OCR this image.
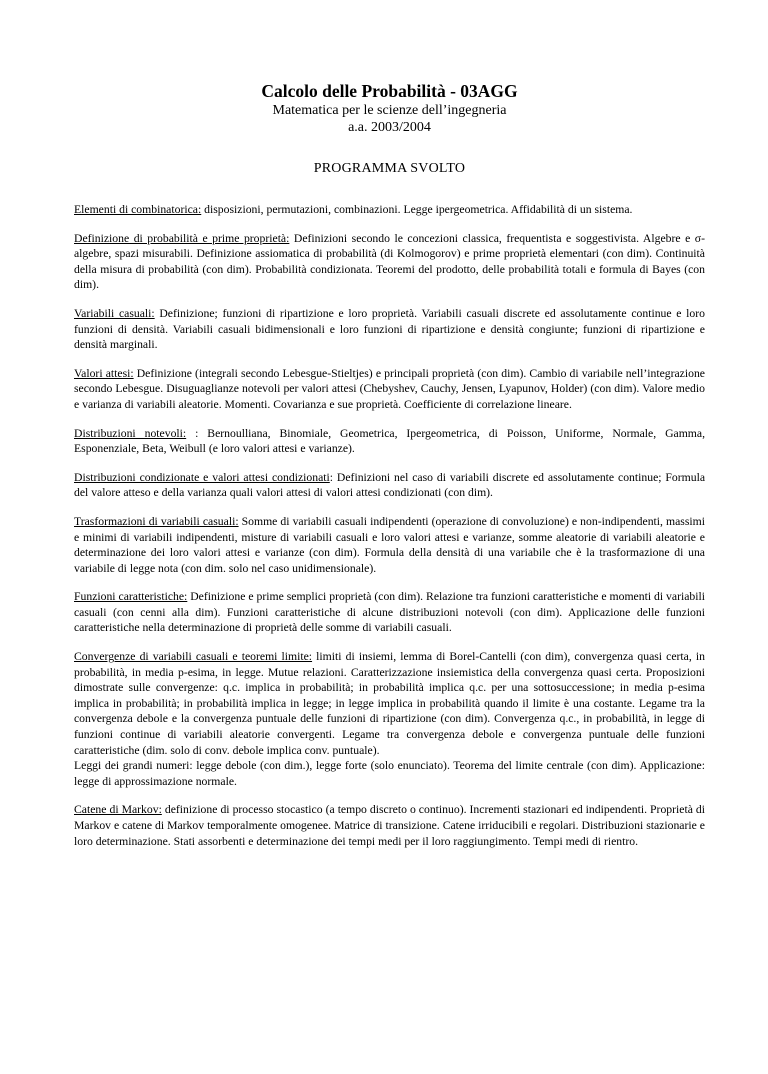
Calcolo delle Probabilità - 03AGG
Matematica per le scienze dell’ingegneria
a.a. 2003/2004
PROGRAMMA SVOLTO

Elementi di combinatorica: disposizioni, permutazioni, combinazioni. Legge ipergeometrica. Affidabilità di un sistema.

Definizione di probabilità e prime proprietà: Definizioni secondo le concezioni classica, frequentista e soggestivista. Algebre e σ-algebre, spazi misurabili. Definizione assiomatica di probabilità (di Kolmogorov) e prime proprietà elementari (con dim). Continuità della misura di probabilità (con dim). Probabilità condizionata. Teoremi del prodotto, delle probabilità totali e formula di Bayes (con dim).

Variabili casuali: Definizione; funzioni di ripartizione e loro proprietà. Variabili casuali discrete ed assolutamente continue e loro funzioni di densità. Variabili casuali bidimensionali e loro funzioni di ripartizione e densità congiunte; funzioni di ripartizione e densità marginali.

Valori attesi: Definizione (integrali secondo Lebesgue-Stieltjes) e principali proprietà (con dim). Cambio di variabile nell’integrazione secondo Lebesgue. Disuguaglianze notevoli per valori attesi (Chebyshev, Cauchy, Jensen, Lyapunov, Holder) (con dim). Valore medio e varianza di variabili aleatorie. Momenti. Covarianza e sue proprietà. Coefficiente di correlazione lineare.

Distribuzioni notevoli: : Bernoulliana, Binomiale, Geometrica, Ipergeometrica, di Poisson, Uniforme, Normale, Gamma, Esponenziale, Beta, Weibull (e loro valori attesi e varianze).

Distribuzioni condizionate e valori attesi condizionati: Definizioni nel caso di variabili discrete ed assolutamente continue; Formula del valore atteso e della varianza quali valori attesi di valori attesi condizionati (con dim).

Trasformazioni di variabili casuali: Somme di variabili casuali indipendenti (operazione di convoluzione) e non-indipendenti, massimi e minimi di variabili indipendenti, misture di variabili casuali e loro valori attesi e varianze, somme aleatorie di variabili aleatorie e determinazione dei loro valori attesi e varianze (con dim). Formula della densità di una variabile che è la trasformazione di una variabile di legge nota (con dim. solo nel caso unidimensionale).

Funzioni caratteristiche: Definizione e prime semplici proprietà (con dim). Relazione tra funzioni caratteristiche e momenti di variabili casuali (con cenni alla dim). Funzioni caratteristiche di alcune distribuzioni notevoli (con dim). Applicazione delle funzioni caratteristiche nella determinazione di proprietà delle somme di variabili casuali.

Convergenze di variabili casuali e teoremi limite: limiti di insiemi, lemma di Borel-Cantelli (con dim), convergenza quasi certa, in probabilità, in media p-esima, in legge. Mutue relazioni. Caratterizzazione insiemistica della convergenza quasi certa. Proposizioni dimostrate sulle convergenze: q.c. implica in probabilità; in probabilità implica q.c. per una sottosuccessione; in media p-esima implica in probabilità; in probabilità implica in legge; in legge implica in probabilità quando il limite è una costante. Legame tra la convergenza debole e la convergenza puntuale delle funzioni di ripartizione (con dim). Convergenza q.c., in probabilità, in legge di funzioni continue di variabili aleatorie convergenti. Legame tra convergenza debole e convergenza puntuale delle funzioni caratteristiche (dim. solo di conv. debole implica conv. puntuale).
Leggi dei grandi numeri: legge debole (con dim.), legge forte (solo enunciato). Teorema del limite centrale (con dim). Applicazione: legge di approssimazione normale.

Catene di Markov: definizione di processo stocastico (a tempo discreto o continuo). Incrementi stazionari ed indipendenti. Proprietà di Markov e catene di Markov temporalmente omogenee. Matrice di transizione. Catene irriducibili e regolari. Distribuzioni stazionarie e loro determinazione. Stati assorbenti e determinazione dei tempi medi per il loro raggiungimento. Tempi medi di rientro.
